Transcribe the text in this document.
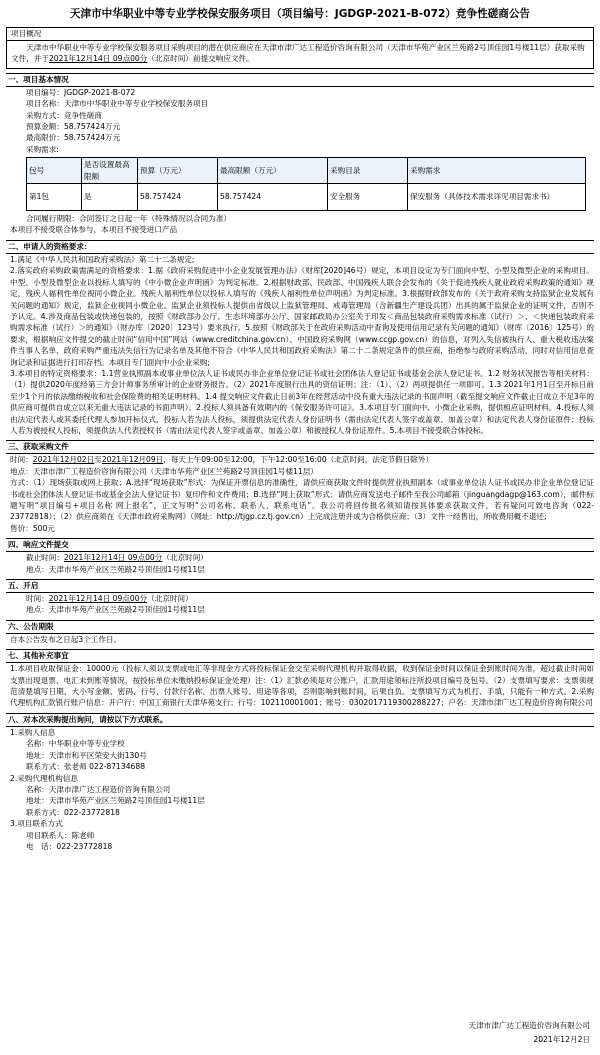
天津市中华职业中等专业学校保安服务项目（项目编号：JGDGP-2021-B-072）竞争性磋商公告
项目概况
天津市中华职业中等专业学校保安服务项目采购项目的潜在供应商应在天津市津广达工程造价咨询有限公司（天津市华苑产业区兰苑路2号顶佳园1号楼11层）获取采购文件，并于2021年12月14日 09点00分（北京时间）前提交响应文件。
一、项目基本情况
项目编号：JGDGP-2021-B-072
项目名称：天津市中华职业中等专业学校保安服务项目
采购方式：竞争性磋商
预算金额：58.757424万元
最高限价：58.757424万元
采购需求:
包号	是否设置最高限额	预算（万元）	最高限额（万元）	采购目录	采购需求
第1包	是	58.757424	58.757424	安全服务	保安服务（具体技术需求详见项目需求书）
合同履行期限：合同签订之日起一年（特殊情况以合同为准）
本项目不接受联合体参与，本项目不接受进口产品
二、申请人的资格要求：
1.满足《中华人民共和国政府采购法》第二十二条规定;
2.落实政府采购政策需满足的资格要求：1.据《政府采购促进中小企业发展管理办法》（财库[2020]46号）规定，本项目设定为专门面向中型、小型及微型企业的采购项目。中型、小型及微型企业以投标人填写的《中小微企业声明函》为判定标准。2.根据财政部、民政部、中国残疾人联合会发布的《关于促进残疾人就业政府采购政策的通知》规定，残疾人福利性单位视同小微企业。残疾人福利性单位以投标人填写的《残疾人福利性单位声明函》为判定标准。3.根据财政部发布的《关于政府采购支持监狱企业发展有关问题的通知》规定，监狱企业视同小微企业。监狱企业须投标人提供由省级以上监狱管理局、戒毒管理局（含新疆生产建设兵团）出具的属于监狱企业的证明文件，否则不予认定。4.涉及商品包装或快递包装的，按照《财政部办公厅、生态环境部办公厅、国家邮政局办公室关于印发＜商品包装政府采购需求标准（试行）＞、＜快递包装政府采购需求标准（试行）＞的通知》（财办库〔2020〕123号）要求执行。5.按照《财政部关于在政府采购活动中查询及使用信用记录有关问题的通知》（财库〔2016〕125号）的要求，根据响应文件提交的截止时间“信用中国”网站（www.creditchina.gov.cn）、中国政府采购网（www.ccgp.gov.cn）的信息，对列入失信被执行人、重大税收违法案件当事人名单、政府采购严重违法失信行为记录名单及其他不符合《中华人民共和国政府采购法》第二十二条规定条件的供应商，拒绝参与政府采购活动，同时对信用信息查询记录和证据进行打印存档。本项目专门面向中小企业采购;
3.本项目的特定资格要求：1.1营业执照副本或事业单位法人证书或民办非企业单位登记证书或社会团体法人登记证书或基金会法人登记证书。1.2 财务状况报告等相关材料：（1）提供2020年度经第三方会计师事务所审计的企业财务报告。（2）2021年度银行出具的资信证明；注：（1）、（2）两项提供任一项即可。1.3 2021年1月1日至开标日前至少1个月的依法缴纳税收和社会保险费的相关证明材料。1.4 提交响应文件截止日前3年在经营活动中没有重大违法记录的书面声明（截至提交响应文件截止日成立不足3年的供应商可提供自成立以来无重大违法记录的书面声明）。2.投标人须具备有效期内的《保安服务许可证》。3.本项目专门面向中、小微企业采购，提供相应证明材料。4.投标人须由法定代表人或其委托代理人参加开标仪式，投标人若为法人投标，须提供法定代表人身份证明书（需由法定代表人签字或盖章、加盖公章）和法定代表人身份证原件；投标人若为被授权人投标，须提供法人代表授权书（需由法定代表人签字或盖章、加盖公章）和被授权人身份证原件。5.本项目不接受联合体投标。
三、获取采购文件
时间：2021年12月02日至2021年12月09日，每天上午09:00至12:00，下午12:00至16:00（北京时间，法定节假日除外）
地点：天津市津广工程造价咨询有限公司（天津市华苑产业区兰苑路2号顶佳园1号楼11层）
方式：（1）现场获取或网上获取；A.选择“现场获取”形式：为保证开票信息的准确性，请供应商获取文件时提供营业执照副本（或事业单位法人证书或民办非企业单位登记证书或社会团体法人登记证书或基金会法人登记证书）复印件和文件费用；B.选择“网上获取”形式：请供应商发送电子邮件至我公司邮箱（jinguangdagp@163.com），邮件标题写明“项目编号+项目名称 网上报名”，正文写明“公司名称、联系人、联系电话”。我公司将回传报名须知请按具体要求获取文件，若有疑问可致电咨询（022-23772818）；（2）供应商须在《天津市政府采购网》（网址：http://tjgp.cz.tj.gov.cn）上完成注册并成为合格供应商；（3）文件一经售出，所收费用概不退还;
售价：500元
四、响应文件提交
截止时间：2021年12月14日 09点00分（北京时间）
地点：天津市华苑产业区兰苑路2号顶佳园1号楼11层
五、开启
时间：2021年12月14日 09点00分（北京时间）
地点：天津市华苑产业区兰苑路2号顶佳园1号楼11层
六、公告期限
自本公告发布之日起3个工作日。
七、其他补充事宜
1.本项目收取保证金：10000元（投标人须以支票或电汇等非现金方式将投标保证金交至采购代理机构并取得收据，收到保证金时间以保证金到账时间为准，超过截止时间如支票出现退票、电汇未到账等情况，按投标单位未缴纳投标保证金处理）注：（1）汇款必须是对公账户，汇款用途须标注所投项目编号及包号。（2）支票填写要求：支票须规范清楚填写日期、大小写金额、密码、行号、付款行名称、出票人账号、用途等各项，否则影响到账时间，后果自负。支票填写方式为机打、手填，只能有一种方式。2.采购代理机构汇款银行账户信息：开户行：中国工商银行天津华苑支行；行号：102110001001；账号：0302017119300288227；户名：天津市津广达工程造价咨询有限公司
八、对本次采购提出询问，请按以下方式联系。
1.采购人信息
名称：中华职业中等专业学校
地址：天津市和平区荣安大街130号
联系方式：张老师 022-87134688
2.采购代理机构信息
名称：天津市津广达工程造价咨询有限公司
地址：天津市华苑产业区兰苑路2号顶佳园1号楼11层
联系方式：022-23772818
3.项目联系方式
项目联系人：陈老师
电　话：022-23772818
天津市津广达工程造价咨询有限公司
2021年12月2日
